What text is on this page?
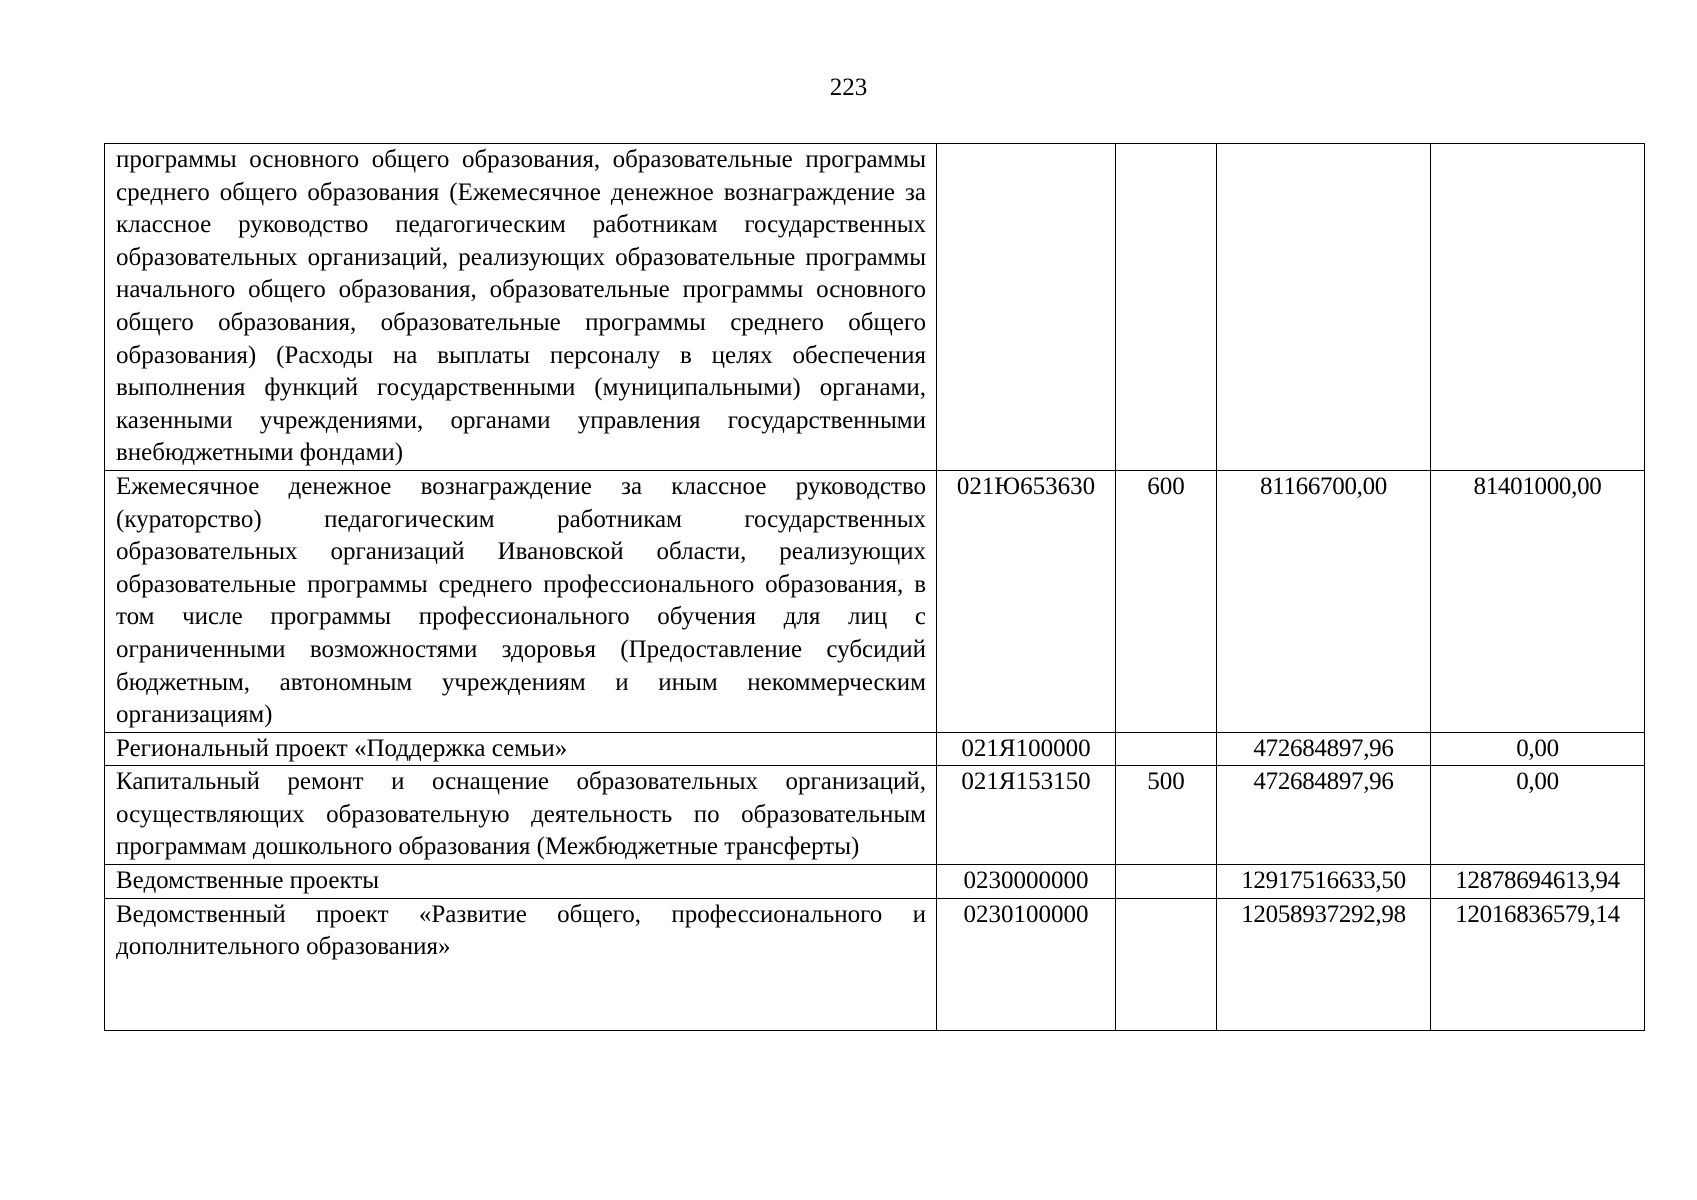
223
программы основного общего образования, образовательные программы среднего общего образования (Ежемесячное денежное вознаграждение за классное руководство педагогическим работникам государственных образовательных организаций, реализующих образовательные программы начального общего образования, образовательные программы основного общего образования, образовательные программы среднего общего образования) (Расходы на выплаты персоналу в целях обеспечения выполнения функций государственными (муниципальными) органами, казенными учреждениями, органами управления государственными внебюджетными фондами)				
Ежемесячное денежное вознаграждение за классное руководство (кураторство) педагогическим работникам государственных образовательных организаций Ивановской области, реализующих образовательные программы среднего профессионального образования, в том числе программы профессионального обучения для лиц с ограниченными возможностями здоровья (Предоставление субсидий бюджетным, автономным учреждениям и иным некоммерческим организациям)	021Ю653630	600	81166700,00	81401000,00
Региональный проект «Поддержка семьи»	021Я100000		472684897,96	0,00
Капитальный ремонт и оснащение образовательных организаций, осуществляющих образовательную деятельность по образовательным программам дошкольного образования (Межбюджетные трансферты)	021Я153150	500	472684897,96	0,00
Ведомственные проекты	0230000000		12917516633,50	12878694613,94
Ведомственный проект «Развитие общего, профессионального и дополнительного образования»	0230100000		12058937292,98	12016836579,14
